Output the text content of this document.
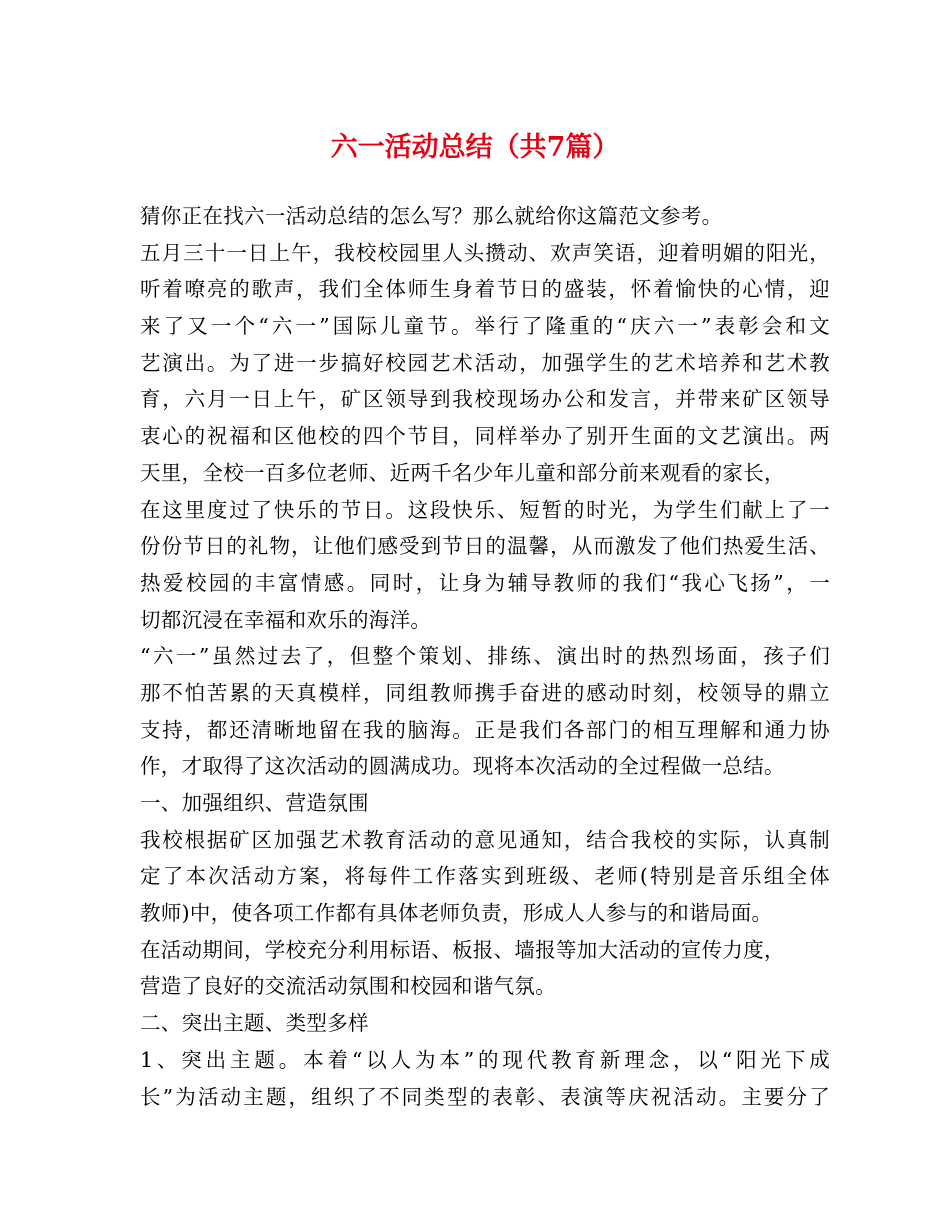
六一活动总结（共7篇）
猜你正在找六一活动总结的怎么写？那么就给你这篇范文参考。
五月三十一日上午，我校校园里人头攒动、欢声笑语，迎着明媚的阳光，
听着嘹亮的歌声，我们全体师生身着节日的盛装，怀着愉快的心情，迎
来了又一个“六一”国际儿童节。举行了隆重的“庆六一”表彰会和文
艺演出。为了进一步搞好校园艺术活动，加强学生的艺术培养和艺术教
育，六月一日上午，矿区领导到我校现场办公和发言，并带来矿区领导
衷心的祝福和区他校的四个节目，同样举办了别开生面的文艺演出。两
天里，全校一百多位老师、近两千名少年儿童和部分前来观看的家长，
在这里度过了快乐的节日。这段快乐、短暂的时光，为学生们献上了一
份份节日的礼物，让他们感受到节日的温馨，从而激发了他们热爱生活、
热爱校园的丰富情感。同时，让身为辅导教师的我们“我心飞扬”，一
切都沉浸在幸福和欢乐的海洋。
“六一”虽然过去了，但整个策划、排练、演出时的热烈场面，孩子们
那不怕苦累的天真模样，同组教师携手奋进的感动时刻，校领导的鼎立
支持，都还清晰地留在我的脑海。正是我们各部门的相互理解和通力协
作，才取得了这次活动的圆满成功。现将本次活动的全过程做一总结。
一、加强组织、营造氛围
我校根据矿区加强艺术教育活动的意见通知，结合我校的实际，认真制
定了本次活动方案，将每件工作落实到班级、老师(特别是音乐组全体
教师)中，使各项工作都有具体老师负责，形成人人参与的和谐局面。
在活动期间，学校充分利用标语、板报、墙报等加大活动的宣传力度，
营造了良好的交流活动氛围和校园和谐气氛。
二、突出主题、类型多样
1、突出主题。本着“以人为本”的现代教育新理念，以“阳光下成
长”为活动主题，组织了不同类型的表彰、表演等庆祝活动。主要分了
